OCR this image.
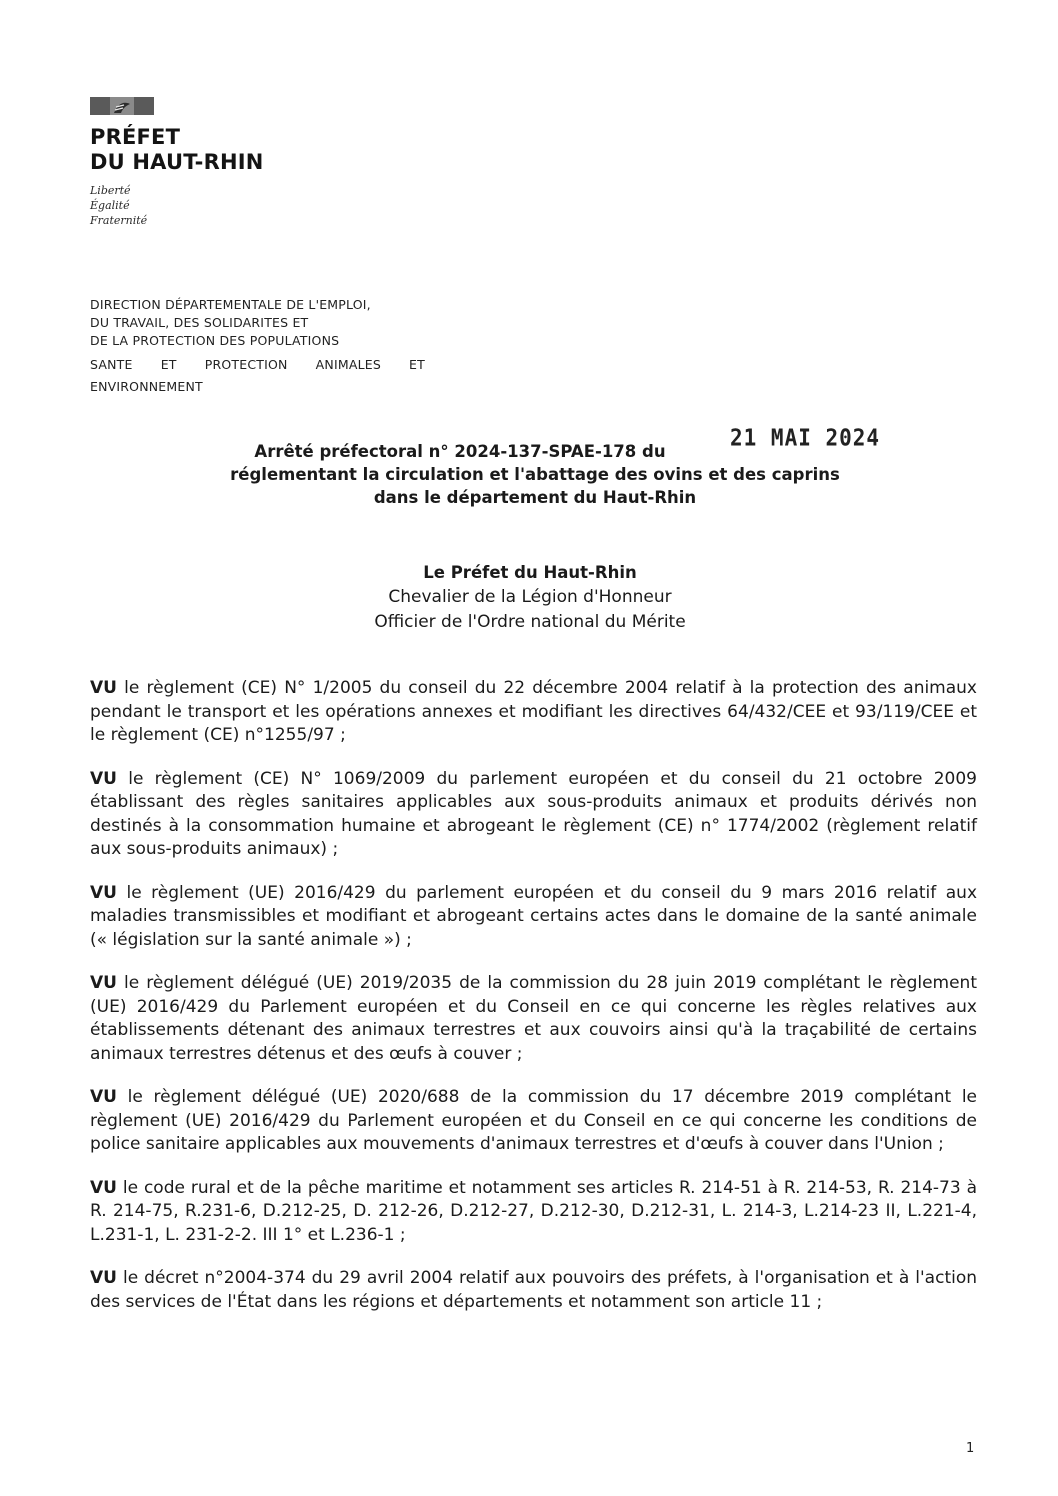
PRÉFET
DU HAUT-RHIN
Liberté
Égalité
Fraternité
DIRECTION DÉPARTEMENTALE DE L'EMPLOI,
DU TRAVAIL, DES SOLIDARITES ET
DE LA PROTECTION DES POPULATIONS
SANTE ET PROTECTION ANIMALES ET
ENVIRONNEMENT
21 MAI 2024
Arrêté préfectoral n° 2024-137-SPAE-178 du
réglementant la circulation et l'abattage des ovins et des caprins
dans le département du Haut-Rhin
Le Préfet du Haut-Rhin
Chevalier de la Légion d'Honneur
Officier de l'Ordre national du Mérite

VU le règlement (CE) N° 1/2005 du conseil du 22 décembre 2004 relatif à la protection des animaux pendant le transport et les opérations annexes et modifiant les directives 64/432/CEE et 93/119/CEE et le règlement (CE) n°1255/97 ;

VU le règlement (CE) N° 1069/2009 du parlement européen et du conseil du 21 octobre 2009 établissant des règles sanitaires applicables aux sous-produits animaux et produits dérivés non destinés à la consommation humaine et abrogeant le règlement (CE) n° 1774/2002 (règlement relatif aux sous-produits animaux) ;

VU le règlement (UE) 2016/429 du parlement européen et du conseil du 9 mars 2016 relatif aux maladies transmissibles et modifiant et abrogeant certains actes dans le domaine de la santé animale (« législation sur la santé animale ») ;

VU le règlement délégué (UE) 2019/2035 de la commission du 28 juin 2019 complétant le règlement (UE) 2016/429 du Parlement européen et du Conseil en ce qui concerne les règles relatives aux établissements détenant des animaux terrestres et aux couvoirs ainsi qu'à la traçabilité de certains animaux terrestres détenus et des œufs à couver ;

VU le règlement délégué (UE) 2020/688 de la commission du 17 décembre 2019 complétant le règlement (UE) 2016/429 du Parlement européen et du Conseil en ce qui concerne les conditions de police sanitaire applicables aux mouvements d'animaux terrestres et d'œufs à couver dans l'Union ;

VU le code rural et de la pêche maritime et notamment ses articles R. 214-51 à R. 214-53, R. 214-73 à R. 214-75, R.231-6, D.212-25, D. 212-26, D.212-27, D.212-30, D.212-31, L. 214-3, L.214-23 II, L.221-4, L.231-1, L. 231-2-2. III 1° et L.236-1 ;

VU le décret n°2004-374 du 29 avril 2004 relatif aux pouvoirs des préfets, à l'organisation et à l'action des services de l'État dans les régions et départements et notamment son article 11 ;

1
